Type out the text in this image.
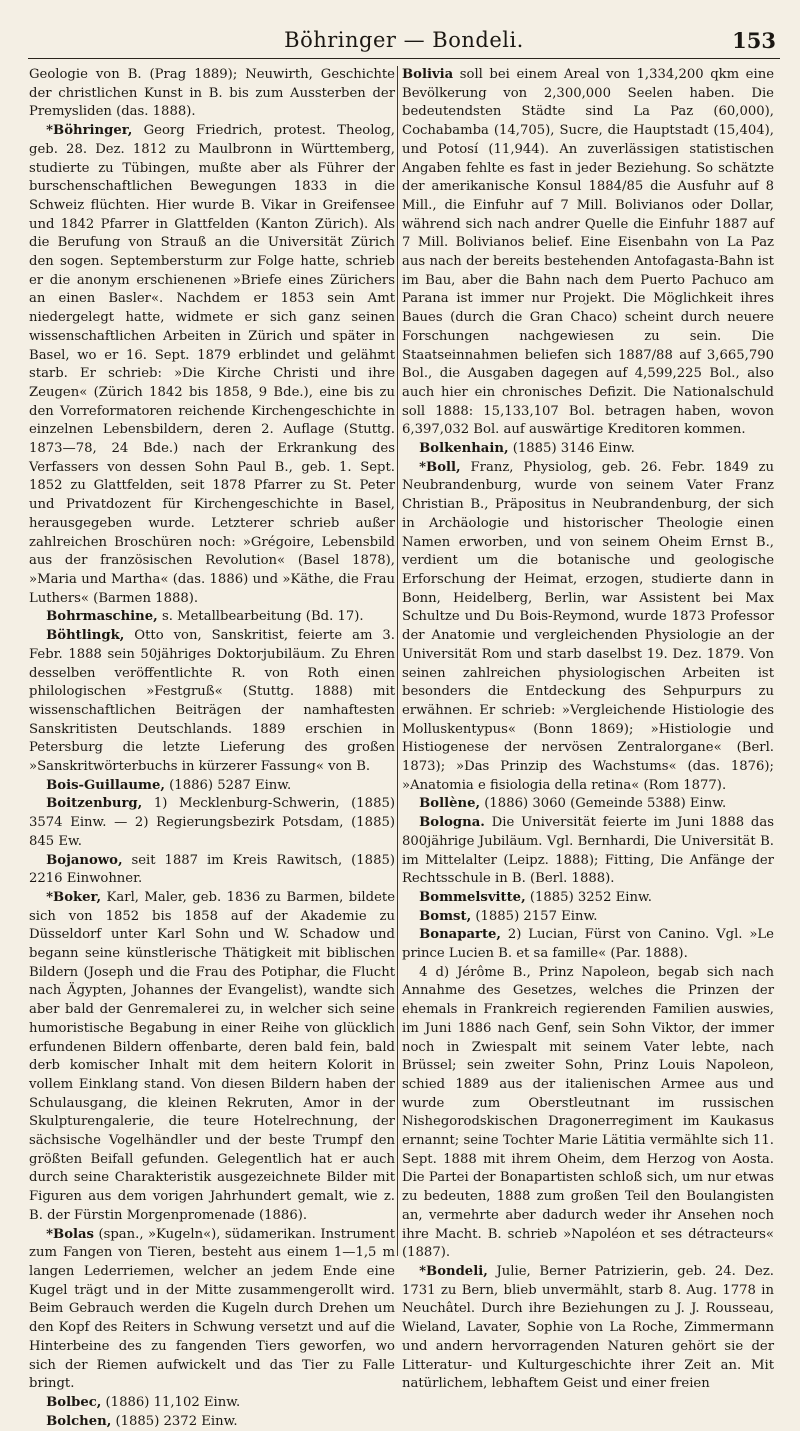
Böhringer — Bondeli.	153

Geologie von B. (Prag 1889); Neuwirth, Geschichte der christlichen Kunst in B. bis zum Aussterben der Premysliden (das. 1888).

*Böhringer, Georg Friedrich, protest. Theolog, geb. 28. Dez. 1812 zu Maulbronn in Württemberg, studierte zu Tübingen, mußte aber als Führer der burschenschaftlichen Bewegungen 1833 in die Schweiz flüchten. Hier wurde B. Vikar in Greifensee und 1842 Pfarrer in Glattfelden (Kanton Zürich). Als die Berufung von Strauß an die Universität Zürich den sogen. Septembersturm zur Folge hatte, schrieb er die anonym erschienenen »Briefe eines Zürichers an einen Basler«. Nachdem er 1853 sein Amt niedergelegt hatte, widmete er sich ganz seinen wissenschaftlichen Arbeiten in Zürich und später in Basel, wo er 16. Sept. 1879 erblindet und gelähmt starb. Er schrieb: »Die Kirche Christi und ihre Zeugen« (Zürich 1842 bis 1858, 9 Bde.), eine bis zu den Vorreformatoren reichende Kirchengeschichte in einzelnen Lebensbildern, deren 2. Auflage (Stuttg. 1873—78, 24 Bde.) nach der Erkrankung des Verfassers von dessen Sohn Paul B., geb. 1. Sept. 1852 zu Glattfelden, seit 1878 Pfarrer zu St. Peter und Privatdozent für Kirchengeschichte in Basel, herausgegeben wurde. Letzterer schrieb außer zahlreichen Broschüren noch: »Grégoire, Lebensbild aus der französischen Revolution« (Basel 1878), »Maria und Martha« (das. 1886) und »Käthe, die Frau Luthers« (Barmen 1888).

Bohrmaschine, s. Metallbearbeitung (Bd. 17).

Böhtlingk, Otto von, Sanskritist, feierte am 3. Febr. 1888 sein 50jähriges Doktorjubiläum. Zu Ehren desselben veröffentlichte R. von Roth einen philologischen »Festgruß« (Stuttg. 1888) mit wissenschaftlichen Beiträgen der namhaftesten Sanskritisten Deutschlands. 1889 erschien in Petersburg die letzte Lieferung des großen »Sanskritwörterbuchs in kürzerer Fassung« von B.

Bois-Guillaume, (1886) 5287 Einw.

Boitzenburg, 1) Mecklenburg-Schwerin, (1885) 3574 Einw. — 2) Regierungsbezirk Potsdam, (1885) 845 Ew.

Bojanowo, seit 1887 im Kreis Rawitsch, (1885) 2216 Einwohner.

*Boker, Karl, Maler, geb. 1836 zu Barmen, bildete sich von 1852 bis 1858 auf der Akademie zu Düsseldorf unter Karl Sohn und W. Schadow und begann seine künstlerische Thätigkeit mit biblischen Bildern (Joseph und die Frau des Potiphar, die Flucht nach Ägypten, Johannes der Evangelist), wandte sich aber bald der Genremalerei zu, in welcher sich seine humoristische Begabung in einer Reihe von glücklich erfundenen Bildern offenbarte, deren bald fein, bald derb komischer Inhalt mit dem heitern Kolorit in vollem Einklang stand. Von diesen Bildern haben der Schulausgang, die kleinen Rekruten, Amor in der Skulpturengalerie, die teure Hotelrechnung, der sächsische Vogelhändler und der beste Trumpf den größten Beifall gefunden. Gelegentlich hat er auch durch seine Charakteristik ausgezeichnete Bilder mit Figuren aus dem vorigen Jahrhundert gemalt, wie z. B. der Fürstin Morgenpromenade (1886).

*Bolas (span., »Kugeln«), südamerikan. Instrument zum Fangen von Tieren, besteht aus einem 1—1,5 m langen Lederriemen, welcher an jedem Ende eine Kugel trägt und in der Mitte zusammengerollt wird. Beim Gebrauch werden die Kugeln durch Drehen um den Kopf des Reiters in Schwung versetzt und auf die Hinterbeine des zu fangenden Tiers geworfen, wo sich der Riemen aufwickelt und das Tier zu Falle bringt.

Bolbec, (1886) 11,102 Einw.

Bolchen, (1885) 2372 Einw.

Bolivia soll bei einem Areal von 1,334,200 qkm eine Bevölkerung von 2,300,000 Seelen haben. Die bedeutendsten Städte sind La Paz (60,000), Cochabamba (14,705), Sucre, die Hauptstadt (15,404), und Potosí (11,944). An zuverlässigen statistischen Angaben fehlte es fast in jeder Beziehung. So schätzte der amerikanische Konsul 1884/85 die Ausfuhr auf 8 Mill., die Einfuhr auf 7 Mill. Bolivianos oder Dollar, während sich nach andrer Quelle die Einfuhr 1887 auf 7 Mill. Bolivianos belief. Eine Eisenbahn von La Paz aus nach der bereits bestehenden Antofagasta-Bahn ist im Bau, aber die Bahn nach dem Puerto Pachuco am Parana ist immer nur Projekt. Die Möglichkeit ihres Baues (durch die Gran Chaco) scheint durch neuere Forschungen nachgewiesen zu sein. Die Staatseinnahmen beliefen sich 1887/88 auf 3,665,790 Bol., die Ausgaben dagegen auf 4,599,225 Bol., also auch hier ein chronisches Defizit. Die Nationalschuld soll 1888: 15,133,107 Bol. betragen haben, wovon 6,397,032 Bol. auf auswärtige Kreditoren kommen.

Bolkenhain, (1885) 3146 Einw.

*Boll, Franz, Physiolog, geb. 26. Febr. 1849 zu Neubrandenburg, wurde von seinem Vater Franz Christian B., Präpositus in Neubrandenburg, der sich in Archäologie und historischer Theologie einen Namen erworben, und von seinem Oheim Ernst B., verdient um die botanische und geologische Erforschung der Heimat, erzogen, studierte dann in Bonn, Heidelberg, Berlin, war Assistent bei Max Schultze und Du Bois-Reymond, wurde 1873 Professor der Anatomie und vergleichenden Physiologie an der Universität Rom und starb daselbst 19. Dez. 1879. Von seinen zahlreichen physiologischen Arbeiten ist besonders die Entdeckung des Sehpurpurs zu erwähnen. Er schrieb: »Vergleichende Histiologie des Molluskentypus« (Bonn 1869); »Histiologie und Histiogenese der nervösen Zentralorgane« (Berl. 1873); »Das Prinzip des Wachstums« (das. 1876); »Anatomia e fisiologia della retina« (Rom 1877).

Bollène, (1886) 3060 (Gemeinde 5388) Einw.

Bologna. Die Universität feierte im Juni 1888 das 800jährige Jubiläum. Vgl. Bernhardi, Die Universität B. im Mittelalter (Leipz. 1888); Fitting, Die Anfänge der Rechtsschule in B. (Berl. 1888).

Bommelsvitte, (1885) 3252 Einw.

Bomst, (1885) 2157 Einw.

Bonaparte, 2) Lucian, Fürst von Canino. Vgl. »Le prince Lucien B. et sa famille« (Par. 1888).

4 d) Jérôme B., Prinz Napoleon, begab sich nach Annahme des Gesetzes, welches die Prinzen der ehemals in Frankreich regierenden Familien auswies, im Juni 1886 nach Genf, sein Sohn Viktor, der immer noch in Zwiespalt mit seinem Vater lebte, nach Brüssel; sein zweiter Sohn, Prinz Louis Napoleon, schied 1889 aus der italienischen Armee aus und wurde zum Oberstleutnant im russischen Nishegorodskischen Dragonerregiment im Kaukasus ernannt; seine Tochter Marie Lätitia vermählte sich 11. Sept. 1888 mit ihrem Oheim, dem Herzog von Aosta. Die Partei der Bonapartisten schloß sich, um nur etwas zu bedeuten, 1888 zum großen Teil den Boulangisten an, vermehrte aber dadurch weder ihr Ansehen noch ihre Macht. B. schrieb »Napoléon et ses détracteurs« (1887).

*Bondeli, Julie, Berner Patrizierin, geb. 24. Dez. 1731 zu Bern, blieb unvermählt, starb 8. Aug. 1778 in Neuchâtel. Durch ihre Beziehungen zu J. J. Rousseau, Wieland, Lavater, Sophie von La Roche, Zimmermann und andern hervorragenden Naturen gehört sie der Litteratur- und Kulturgeschichte ihrer Zeit an. Mit natürlichem, lebhaftem Geist und einer freien
